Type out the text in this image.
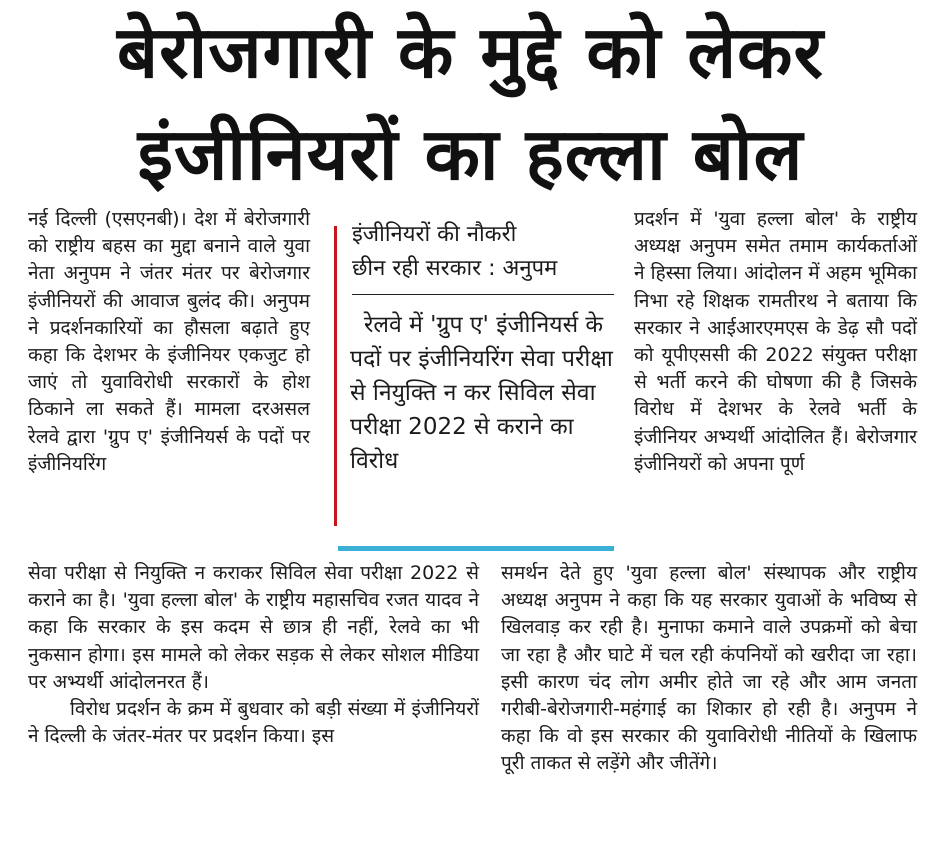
बेरोजगारी के मुद्दे को लेकर
इंजीनियरों का हल्ला बोल

नई दिल्ली (एसएनबी)। देश में बेरोजगारी को राष्ट्रीय बहस का मुद्दा बनाने वाले युवा नेता अनुपम ने जंतर मंतर पर बेरोजगार इंजीनियरों की आवाज बुलंद की। अनुपम ने प्रदर्शनकारियों का हौसला बढ़ाते हुए कहा कि देशभर के इंजीनियर एकजुट हो जाएं तो युवाविरोधी सरकारों के होश ठिकाने ला सकते हैं। मामला दरअसल रेलवे द्वारा 'ग्रुप ए' इंजीनियर्स के पदों पर इंजीनियरिंग

इंजीनियरों की नौकरी
छीन रही सरकार : अनुपम
रेलवे में 'ग्रुप ए' इंजीनियर्स के पदों पर इंजीनियरिंग सेवा परीक्षा से नियुक्ति न कर सिविल सेवा परीक्षा 2022 से कराने का विरोध

प्रदर्शन में 'युवा हल्ला बोल' के राष्ट्रीय अध्यक्ष अनुपम समेत तमाम कार्यकर्ताओं ने हिस्सा लिया। आंदोलन में अहम भूमिका निभा रहे शिक्षक रामतीरथ ने बताया कि सरकार ने आईआरएमएस के डेढ़ सौ पदों को यूपीएससी की 2022 संयुक्त परीक्षा से भर्ती करने की घोषणा की है जिसके विरोध में देशभर के रेलवे भर्ती के इंजीनियर अभ्यर्थी आंदोलित हैं। बेरोजगार इंजीनियरों को अपना पूर्ण

सेवा परीक्षा से नियुक्ति न कराकर सिविल सेवा परीक्षा 2022 से कराने का है। 'युवा हल्ला बोल' के राष्ट्रीय महासचिव रजत यादव ने कहा कि सरकार के इस कदम से छात्र ही नहीं, रेलवे का भी नुकसान होगा। इस मामले को लेकर सड़क से लेकर सोशल मीडिया पर अभ्यर्थी आंदोलनरत हैं।

विरोध प्रदर्शन के क्रम में बुधवार को बड़ी संख्या में इंजीनियरों ने दिल्ली के जंतर-मंतर पर प्रदर्शन किया। इस

समर्थन देते हुए 'युवा हल्ला बोल' संस्थापक और राष्ट्रीय अध्यक्ष अनुपम ने कहा कि यह सरकार युवाओं के भविष्य से खिलवाड़ कर रही है। मुनाफा कमाने वाले उपक्रमों को बेचा जा रहा है और घाटे में चल रही कंपनियों को खरीदा जा रहा। इसी कारण चंद लोग अमीर होते जा रहे और आम जनता गरीबी-बेरोजगारी-महंगाई का शिकार हो रही है। अनुपम ने कहा कि वो इस सरकार की युवाविरोधी नीतियों के खिलाफ पूरी ताकत से लड़ेंगे और जीतेंगे।
